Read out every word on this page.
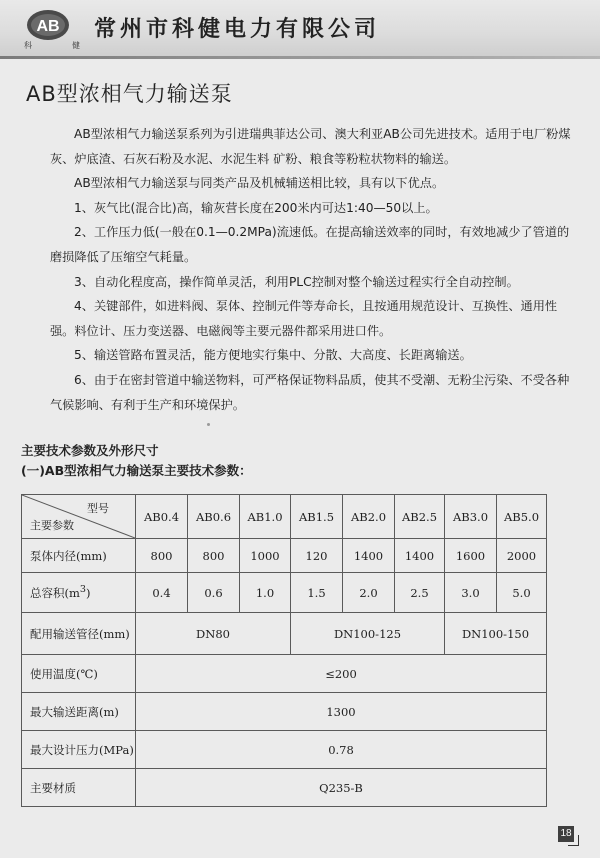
AB
科	健
常州市科健电力有限公司
AB型浓相气力输送泵

AB型浓相气力输送泵系列为引进瑞典菲达公司、澳大利亚AB公司先进技术。适用于电厂粉煤灰、炉底渣、石灰石粉及水泥、水泥生料 矿粉、粮食等粉粒状物料的输送。

AB型浓相气力输送泵与同类产品及机械辅送相比较，具有以下优点。

1、灰气比(混合比)高，输灰营长度在200米内可达1:40—50以上。

2、工作压力低(一般在0.1—0.2MPa)流速低。在提高输送效率的同时，有效地减少了管道的磨损降低了压缩空气耗量。

3、自动化程度高，操作简单灵活，利用PLC控制对整个输送过程实行全自动控制。

4、关键部件，如进料阀、泵体、控制元件等寿命长，且按通用规范设计、互换性、通用性强。料位计、压力变送器、电磁阀等主要元器件都采用进口件。

5、输送管路布置灵活，能方便地实行集中、分散、大高度、长距离输送。

6、由于在密封管道中输送物料，可严格保证物料品质，使其不受潮、无粉尘污染、不受各种气候影响、有利于生产和环境保护。

主要技术参数及外形尺寸
(一)AB型浓相气力输送泵主要技术参数：
型号
主要参数	AB0.4	AB0.6	AB1.0	AB1.5	AB2.0	AB2.5	AB3.0	AB5.0
泵体内径(mm)	800	800	1000	120	1400	1400	1600	2000
总容积$(m^3)$	0.4	0.6	1.0	1.5	2.0	2.5	3.0	5.0
配用输送管径(mm)	DN80			DN100-125			DN100-150	
使用温度(℃)	≤200							
最大输送距离(m)	1300							
最大设计压力(MPa)	0.78							
主要材质	Q235-B							
18
